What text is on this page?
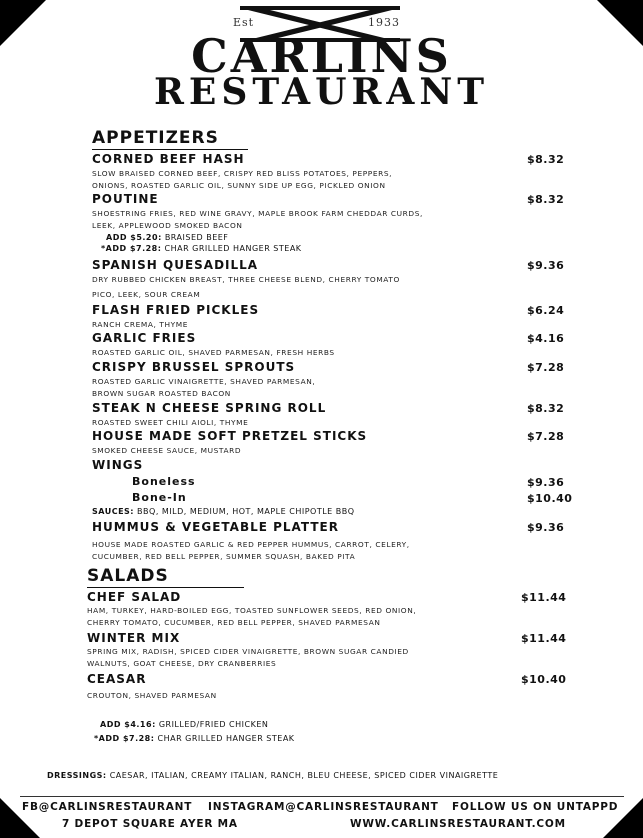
Est	1933
CARLINS
RESTAURANT
APPETIZERS
CORNED BEEF HASH	$8.32
SLOW BRAISED CORNED BEEF, CRISPY RED BLISS POTATOES, PEPPERS,
ONIONS, ROASTED GARLIC OIL, SUNNY SIDE UP EGG, PICKLED ONION
POUTINE	$8.32
SHOESTRING FRIES, RED WINE GRAVY, MAPLE BROOK FARM CHEDDAR CURDS,
LEEK, APPLEWOOD SMOKED BACON
ADD $5.20: BRAISED BEEF
*ADD $7.28: CHAR GRILLED HANGER STEAK
SPANISH QUESADILLA	$9.36
DRY RUBBED CHICKEN BREAST, THREE CHEESE BLEND, CHERRY TOMATO
PICO, LEEK, SOUR CREAM
FLASH FRIED PICKLES	$6.24
RANCH CREMA, THYME
GARLIC FRIES	$4.16
ROASTED GARLIC OIL, SHAVED PARMESAN, FRESH HERBS
CRISPY BRUSSEL SPROUTS	$7.28
ROASTED GARLIC VINAIGRETTE, SHAVED PARMESAN,
BROWN SUGAR ROASTED BACON
STEAK N CHEESE SPRING ROLL	$8.32
ROASTED SWEET CHILI AIOLI, THYME
HOUSE MADE SOFT PRETZEL STICKS	$7.28
SMOKED CHEESE SAUCE, MUSTARD
WINGS
Boneless	$9.36
Bone-In	$10.40
SAUCES: BBQ, MILD, MEDIUM, HOT, MAPLE CHIPOTLE BBQ
HUMMUS & VEGETABLE PLATTER	$9.36
HOUSE MADE ROASTED GARLIC & RED PEPPER HUMMUS, CARROT, CELERY,
CUCUMBER, RED BELL PEPPER, SUMMER SQUASH, BAKED PITA
SALADS
CHEF SALAD	$11.44
HAM, TURKEY, HARD-BOILED EGG, TOASTED SUNFLOWER SEEDS, RED ONION,
CHERRY TOMATO, CUCUMBER, RED BELL PEPPER, SHAVED PARMESAN
WINTER MIX	$11.44
SPRING MIX, RADISH, SPICED CIDER VINAIGRETTE, BROWN SUGAR CANDIED
WALNUTS, GOAT CHEESE, DRY CRANBERRIES
CEASAR	$10.40
CROUTON, SHAVED PARMESAN
ADD $4.16: GRILLED/FRIED CHICKEN
*ADD $7.28: CHAR GRILLED HANGER STEAK
DRESSINGS: CAESAR, ITALIAN, CREAMY ITALIAN, RANCH, BLEU CHEESE, SPICED CIDER VINAIGRETTE
FB@CARLINSRESTAURANT INSTAGRAM@CARLINSRESTAURANT FOLLOW US ON UNTAPPD
7 DEPOT SQUARE AYER MA	WWW.CARLINSRESTAURANT.COM
